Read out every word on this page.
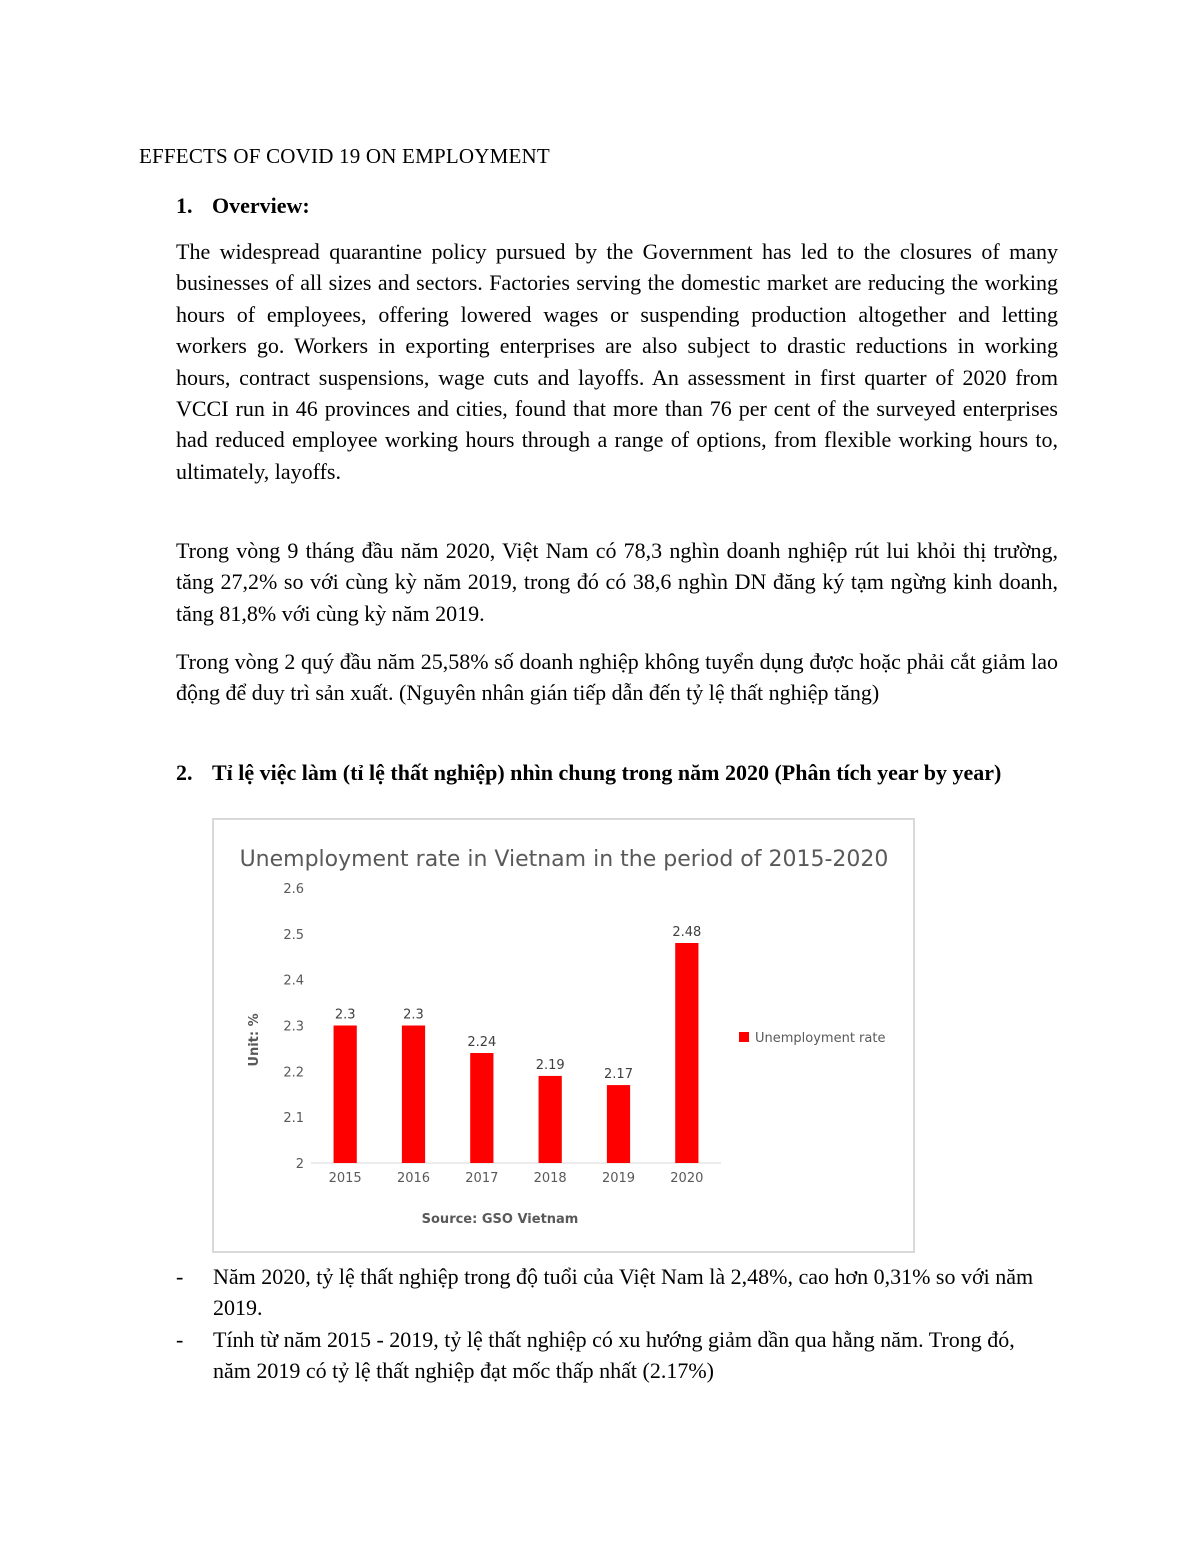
EFFECTS OF COVID 19 ON EMPLOYMENT
1. Overview:

The widespread quarantine policy pursued by the Government has led to the closures of many businesses of all sizes and sectors. Factories serving the domestic market are reducing the working hours of employees, offering lowered wages or suspending production altogether and letting workers go. Workers in exporting enterprises are also subject to drastic reductions in working hours, contract suspensions, wage cuts and layoffs. An assessment in first quarter of 2020 from VCCI run in 46 provinces and cities, found that more than 76 per cent of the surveyed enterprises had reduced employee working hours through a range of options, from flexible working hours to, ultimately, layoffs.

Trong vòng 9 tháng đầu năm 2020, Việt Nam có 78,3 nghìn doanh nghiệp rút lui khỏi thị trường, tăng 27,2% so với cùng kỳ năm 2019, trong đó có 38,6 nghìn DN đăng ký tạm ngừng kinh doanh, tăng 81,8% với cùng kỳ năm 2019.

Trong vòng 2 quý đầu năm 25,58% số doanh nghiệp không tuyển dụng được hoặc phải cắt giảm lao động để duy trì sản xuất. (Nguyên nhân gián tiếp dẫn đến tỷ lệ thất nghiệp tăng)

2. Tỉ lệ việc làm (tỉ lệ thất nghiệp) nhìn chung trong năm 2020 (Phân tích year by year)
Unemployment rate in Vietnam in the period of 2015-2020
2
2.1
2.2
2.3
2.4
2.5
2.6
2.3	2.3
2.24
2.19
2.17
2.48
2015	2016	2017	2018	2019	2020
Unit: %
Source: GSO Vietnam
Unemployment rate
-	Năm 2020, tỷ lệ thất nghiệp trong độ tuổi của Việt Nam là 2,48%, cao hơn 0,31% so với năm 2019.
-	Tính từ năm 2015 - 2019, tỷ lệ thất nghiệp có xu hướng giảm dần qua hằng năm. Trong đó, năm 2019 có tỷ lệ thất nghiệp đạt mốc thấp nhất (2.17%)
